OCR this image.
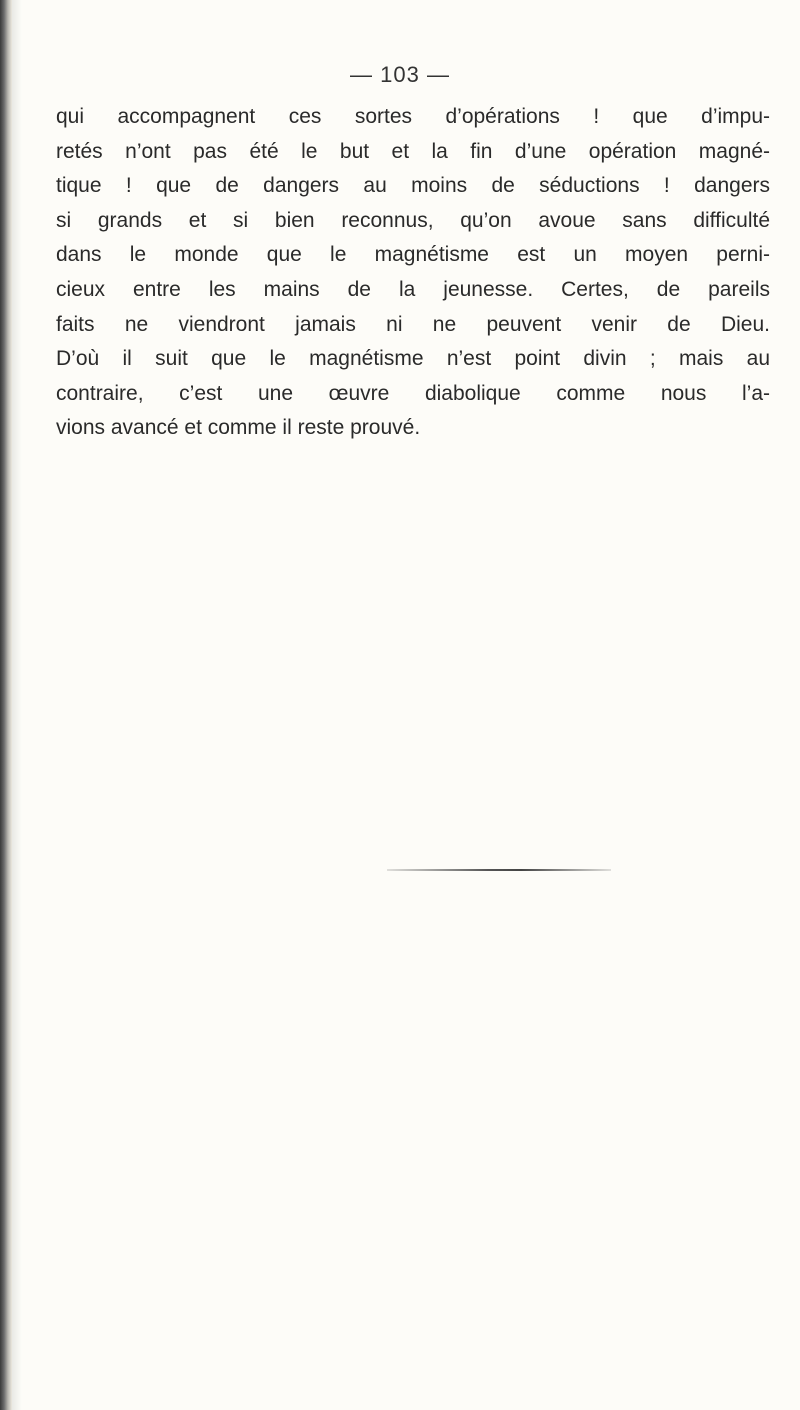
— 103 —
qui accompagnent ces sortes d’opérations ! que d’impu-
retés n’ont pas été le but et la fin d’une opération magné-
tique ! que de dangers au moins de séductions ! dangers
si grands et si bien reconnus, qu’on avoue sans difficulté
dans le monde que le magnétisme est un moyen perni-
cieux entre les mains de la jeunesse. Certes, de pareils
faits ne viendront jamais ni ne peuvent venir de Dieu.
D’où il suit que le magnétisme n’est point divin ; mais au
contraire, c’est une œuvre diabolique comme nous l’a-
vions avancé et comme il reste prouvé.
